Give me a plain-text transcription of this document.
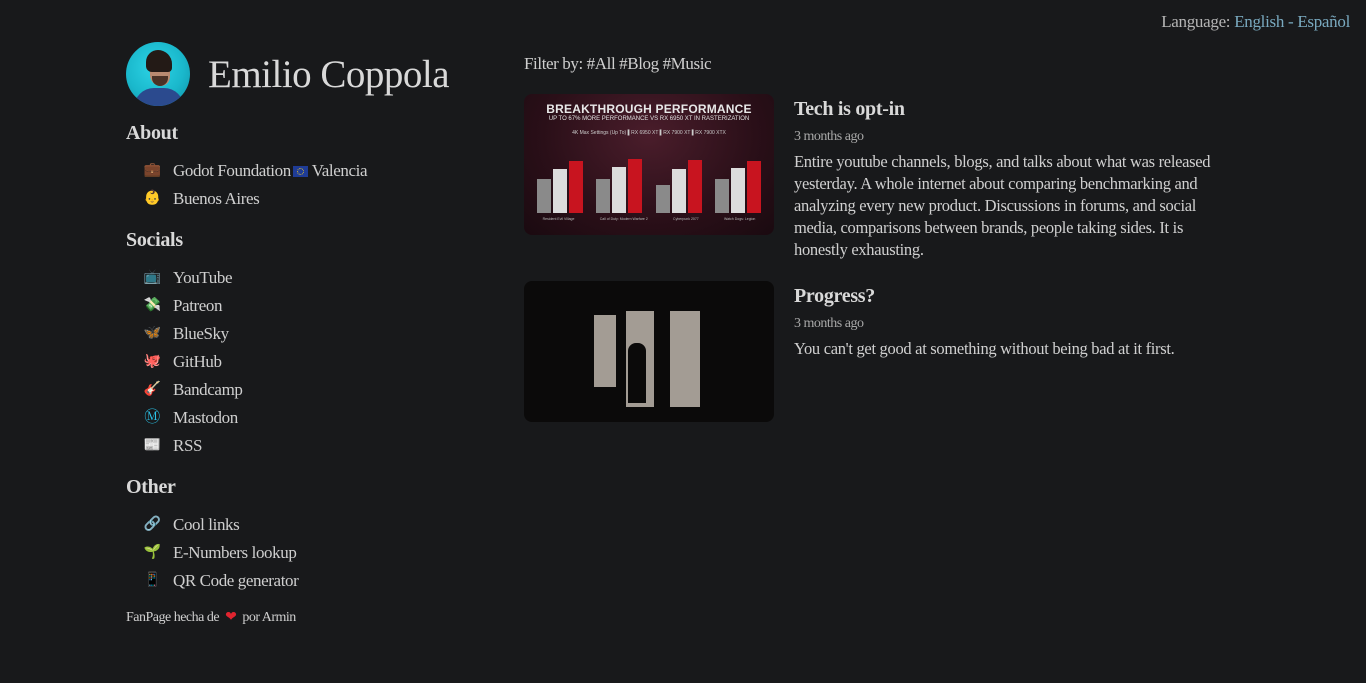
Language: English - Español
Emilio Coppola
About
💼 Godot Foundation Valencia
👶 Buenos Aires
Socials
📺 YouTube
💸 Patreon
🦋 BlueSky
🐙 GitHub
🎸 Bandcamp
Ⓜ Mastodon
📰 RSS
Other
🔗 Cool links
🌱 E-Numbers lookup
📱 QR Code generator
FanPage hecha de ❤ por Armin
Filter by: #All #Blog #Music
BREAKTHROUGH PERFORMANCE
UP TO 67% MORE PERFORMANCE VS RX 6950 XT IN RASTERIZATION
4K Max Settings (Up To) ▌RX 6950 XT ▌RX 7900 XT ▌RX 7900 XTX
Resident Evil Village	Call of Duty: Modern Warfare 2	Cyberpunk 2077	Watch Dogs: Legion
Tech is opt-in
3 months ago
Entire youtube channels, blogs, and talks about what was released yesterday. A whole internet about comparing benchmarking and analyzing every new product. Discussions in forums, and social media, comparisons between brands, people taking sides. It is honestly exhausting.
Progress?
3 months ago
You can't get good at something without being bad at it first.
